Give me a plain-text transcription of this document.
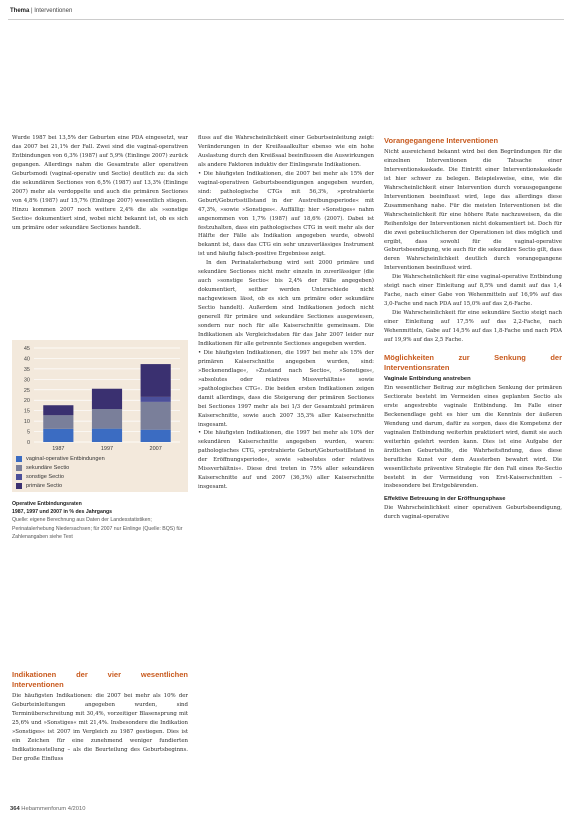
Thema | Interventionen

Wurde 1987 bei 13,5% der Geburten eine PDA eingesetzt, war das 2007 bei 21,1% der Fall. Zwei sind die vaginal-operativen Entbindungen von 6,3% (1987) auf 5,9% (Einlinge 2007) zurück gegangen. Allerdings nahm die Gesamtrate aller operativen Geburtsmodi (vaginal-operativ und Sectio) deutlich zu: da sich die sekundären Sectiones von 6,5% (1987) auf 13,3% (Einlinge 2007) mehr als verdoppelte und auch die primären Sectiones von 4,8% (1987) auf 15,7% (Einlinge 2007) wesentlich stiegen. Hinzu kommen 2007 noch weitere 2,4% die als »sonstige Sectio« dokumentiert sind, wobei nicht bekannt ist, ob es sich um primäre oder sekundäre Sectiones handelt.

45
40
35
30
25
20
15
10
5
0
1987	1997	2007
vaginal-operative Entbindungen
sekundäre Sectio
sonstige Sectio
primäre Sectio
Operative Entbindungsraten
1987, 1997 und 2007 in % des Jahrgangs
Quelle: eigene Berechnung aus Daten der Landesstatistiken; Perinatalerhebung Niedersachsen; für 2007 nur Einlinge (Quelle: BQS) für Zahlenangaben siehe Text
Indikationen der vier wesentlichen Interventionen

Die häufigsten Indikationen: die 2007 bei mehr als 10% der Geburteinleitungen angegeben wurden, sind Terminüberschreitung mit 30,4%, vorzeitiger Blasensprung mit 25,6% und »Sonstiges« mit 21,4%. Insbesondere die Indikation »Sonstiges« ist 2007 im Vergleich zu 1987 gestiegen. Dies ist ein Zeichen für eine zunehmend weniger fundierten Indikationsstellung – als die Beurteilung des Geburtsbeginns. Der große Einfluss

fluss auf die Wahrscheinlichkeit einer Geburtseinleitung zeigt: Veränderungen in der Kreißsaalkultur ebenso wie ein hohe Auslastung durch den Kreißsaal beeinflussen die Auswirkungen als andere Faktoren induktiv der Einlingsrate Indikationen.

• Die häufigsten Indikationen, die 2007 bei mehr als 15% der vaginal-operativen Geburtsbeendigungen angegeben wurden, sind: pathologische CTGs mit 56,3%, »protrahierte Geburt/Geburtsstillstand in der Austreibungsperiode« mit 47,3%, »sowie »Sonstiges«. Auffällig: hier »Sonstiges« nahm angenommen von 1,7% (1987) auf 18,6% (2007). Dabei ist festzuhalten, dass ein pathologisches CTG in weit mehr als der Hälfte der Fälle als Indikation angegeben wurde, obwohl bekannt ist, dass das CTG ein sehr unzuverlässiges Instrument ist und häufig falsch-positive Ergebnisse zeigt.

In den Perinatalerhebung wird seit 2000 primäre und sekundäre Sectiones nicht mehr einzeln in zuverlässiger (die auch »sonstige Sectio« bis 2,4% der Fälle angegeben) dokumentiert, seither werden Unterschiede nicht nachgewiesen lässt, ob es sich um primäre oder sekundäre Sectio handelt). Außerdem sind Indikationen jedoch nicht generell für primäre und sekundäre Sectiones ausgewiesen, sondern nur noch für alle Kaiserschnitte gemeinsam. Die Indikationen als Vergleichsdaten für das Jahr 2007 leider nur Indikationen für alle getrennte Sectiones angegeben werden.

• Die häufigsten Indikationen, die 1997 bei mehr als 15% der primären Kaiserschnitte angegeben wurden, sind: »Beckenendlage«, »Zustand nach Sectio«, »Sonstiges«, »absolutes oder relatives Missverhältnis« sowie »pathologisches CTG«. Die beiden ersten Indikationen zeigen damit allerdings, dass die Steigerung der primären Sectiones bei Sectiones 1997 mehr als bei 1/3 der Gesamtzahl primären Kaiserschnitte, sowie auch 2007 35,3% aller Kaiserschnitte insgesamt.

• Die häufigsten Indikationen, die 1997 bei mehr als 10% der sekundären Kaiserschnitte angegeben wurden, waren: pathologisches CTG, »protrahierte Geburt/Geburtsstillstand in der Eröffnungsperiode«, sowie »absolutes oder relatives Missverhältnis«. Diese drei treten in 75% aller sekundären Kaiserschnitte auf und 2007 (36,3%) aller Kaiserschnitte insgesamt.

Vorangegangene Interventionen

Nicht ausreichend bekannt wird bei den Begründungen für die einzelnen Interventionen die Tatsache einer Interventionskaskade. Die Eintritt einer Interventionskaskade ist hier schwer zu belegen. Beispielsweise, eine, wie die Wahrscheinlichkeit einer Intervention durch vorausgegangene Interventionen beeinflusst wird, lege das allerdings diese Zusammenhang nahe. Für die meisten Interventionen ist die Wahrscheinlichkeit für eine höhere Rate nachzuweisen, da die Reihenfolge der Interventionen nicht dokumentiert ist. Doch für die zwei gebräuchlicheren der Operationen ist dies möglich und ergibt, dass sowohl für die vaginal-operative Geburtsbeendigung, wie auch für die sekundäre Sectio gilt, dass deren Wahrscheinlichkeit deutlich durch vorangegangene Interventionen beeinflusst wird.

Die Wahrscheinlichkeit für eine vaginal-operative Entbindung steigt nach einer Einleitung auf 8,5% und damit auf das 1,4 Fache, nach einer Gabe von Wehenmitteln auf 16,9% auf das 3,0-Fache und nach PDA auf 15,0% auf das 2,6-Fache.

Die Wahrscheinlichkeit für eine sekundäre Sectio steigt nach einer Einleitung auf 17,5% auf das 2,2-Fache, nach Wehenmitteln, Gabe auf 14,5% auf das 1,8-Fache und nach PDA auf 19,9% auf das 2,5 Fache.

Möglichkeiten zur Senkung der Interventionsraten
Vaginale Entbindung anstreben

Ein wesentlicher Beitrag zur möglichen Senkung der primären Sectiorate besteht im Vermeiden eines geplanten Sectio als erste angestrebte vaginale Entbindung. Im Falle einer Beckenendlage geht es hier um die Kenntnis der äußeren Wendung und darum, dafür zu sorgen, dass die Kompetenz der vaginalen Entbindung weiterhin praktiziert wird, damit sie auch weiterhin gelehrt werden kann. Dies ist eine Aufgabe der ärztlichen Geburtshilfe, die Wahrheitsfindung, dass diese berufliche Kunst vor dem Aussterben bewahrt wird. Die wesentlichste präventive Strategie für den Fall eines Re-Sectio besteht in der Vermeidung von Erst-Kaiserschnitten – insbesondere bei Erstgebärenden.

Effektive Betreuung in der Eröffnungsphase

Die Wahrscheinlichkeit einer operativen Geburtsbeendigung, durch vaginal-operative

364 Hebammenforum 4/2010
